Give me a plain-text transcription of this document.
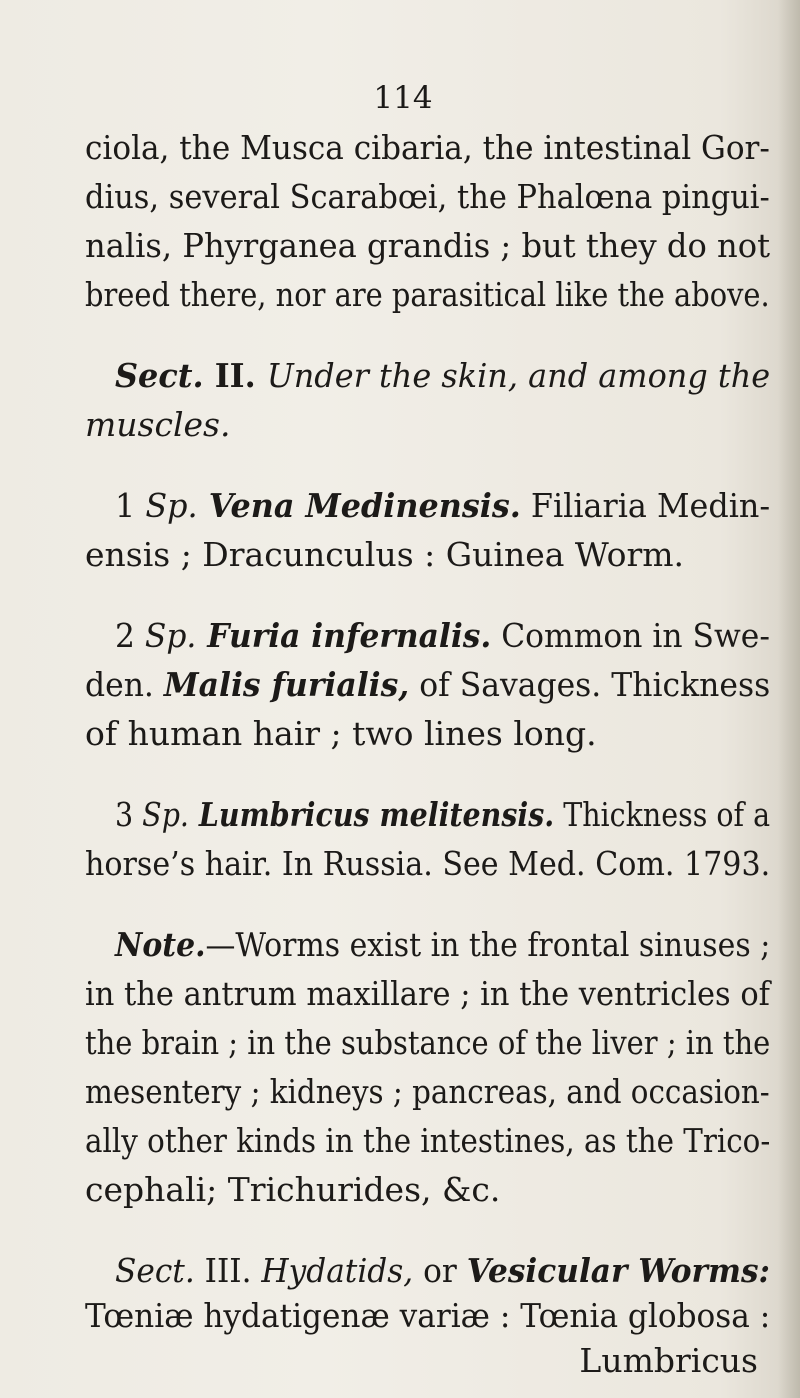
114
ciola, the Musca cibaria, the intestinal Gor-
dius, several Scarabœi, the Phalœna pingui-
nalis, Phyrganea grandis ; but they do not
breed there, nor are parasitical like the above.
Sect. II. Under the skin, and among the
muscles.
1 Sp. Vena Medinensis. Filiaria Medin-
ensis ; Dracunculus : Guinea Worm.
2 Sp. Furia infernalis. Common in Swe-
den. Malis furialis, of Savages. Thickness
of human hair ; two lines long.
3 Sp. Lumbricus melitensis. Thickness of a
horse’s hair. In Russia. See Med. Com. 1793.
Note.—Worms exist in the frontal sinuses ;
in the antrum maxillare ; in the ventricles of
the brain ; in the substance of the liver ; in the
mesentery ; kidneys ; pancreas, and occasion-
ally other kinds in the intestines, as the Trico-
cephali; Trichurides, &c.
Sect. III. Hydatids, or Vesicular Worms:
Tœniæ hydatigenæ variæ : Tœnia globosa :
Lumbricus
